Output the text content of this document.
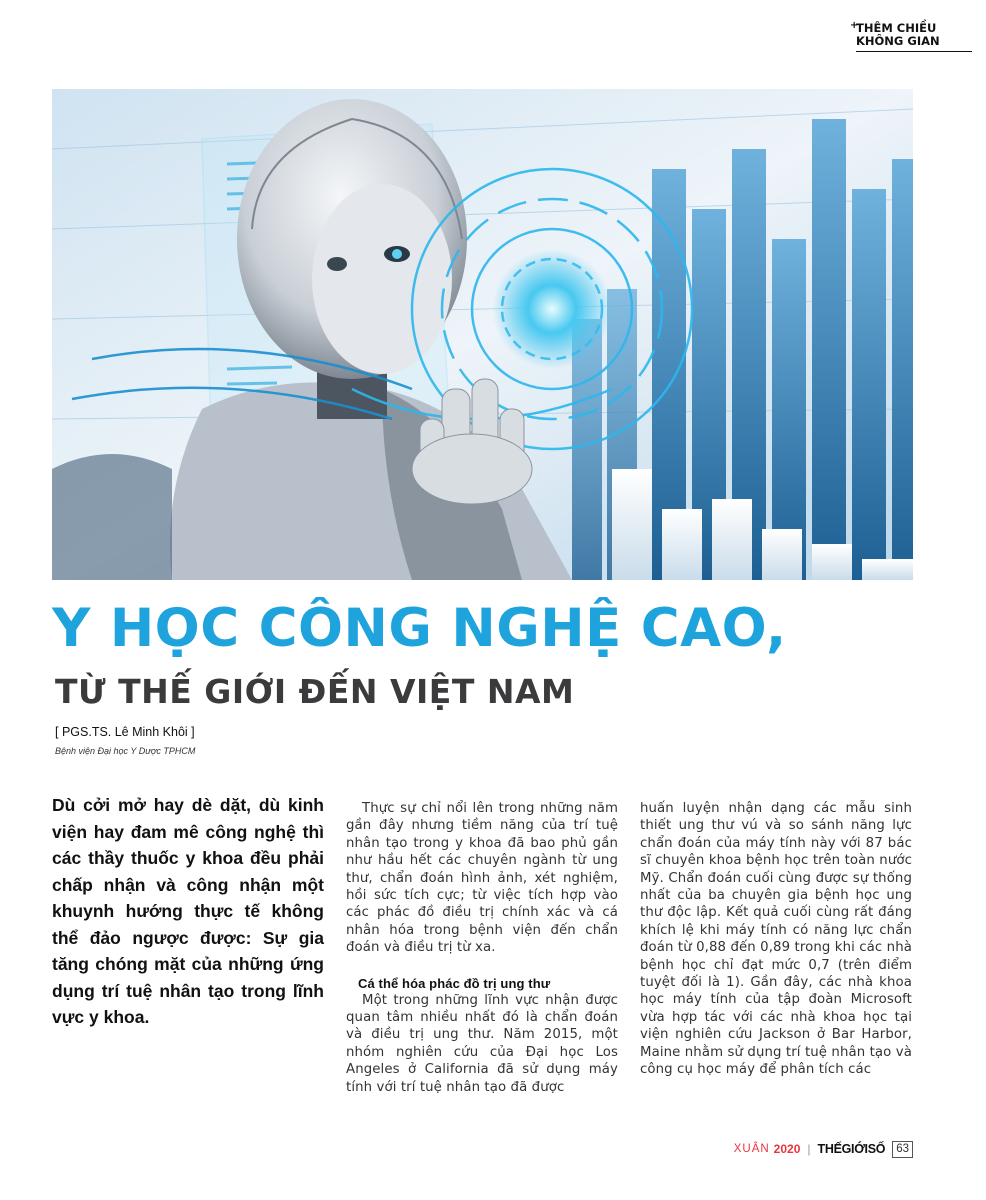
+
THÊM CHIỀU
KHÔNG GIAN
Y HỌC CÔNG NGHỆ CAO,
TỪ THẾ GIỚI ĐẾN VIỆT NAM
[ PGS.TS. Lê Minh Khôi ]
Bệnh viện Đại học Y Dược TPHCM

Dù cởi mở hay dè dặt, dù kinh viện hay đam mê công nghệ thì các thầy thuốc y khoa đều phải chấp nhận và công nhận một khuynh hướng thực tế không thể đảo ngược được: Sự gia tăng chóng mặt của những ứng dụng trí tuệ nhân tạo trong lĩnh vực y khoa.

Thực sự chỉ nổi lên trong những năm gần đây nhưng tiềm năng của trí tuệ nhân tạo trong y khoa đã bao phủ gần như hầu hết các chuyên ngành từ ung thư, chẩn đoán hình ảnh, xét nghiệm, hồi sức tích cực; từ việc tích hợp vào các phác đồ điều trị chính xác và cá nhân hóa trong bệnh viện đến chẩn đoán và điều trị từ xa.

Cá thể hóa phác đồ trị ung thư

Một trong những lĩnh vực nhận được quan tâm nhiều nhất đó là chẩn đoán và điều trị ung thư. Năm 2015, một nhóm nghiên cứu của Đại học Los Angeles ở California đã sử dụng máy tính với trí tuệ nhân tạo đã được

huấn luyện nhận dạng các mẫu sinh thiết ung thư vú và so sánh năng lực chẩn đoán của máy tính này với 87 bác sĩ chuyên khoa bệnh học trên toàn nước Mỹ. Chẩn đoán cuối cùng được sự thống nhất của ba chuyên gia bệnh học ung thư độc lập. Kết quả cuối cùng rất đáng khích lệ khi máy tính có năng lực chẩn đoán từ 0,88 đến 0,89 trong khi các nhà bệnh học chỉ đạt mức 0,7 (trên điểm tuyệt đối là 1). Gần đây, các nhà khoa học máy tính của tập đoàn Microsoft vừa hợp tác với các nhà khoa học tại viện nghiên cứu Jackson ở Bar Harbor, Maine nhằm sử dụng trí tuệ nhân tạo và công cụ học máy để phân tích các

XUÂN 2020 | THẾGIỚISỐ 63
